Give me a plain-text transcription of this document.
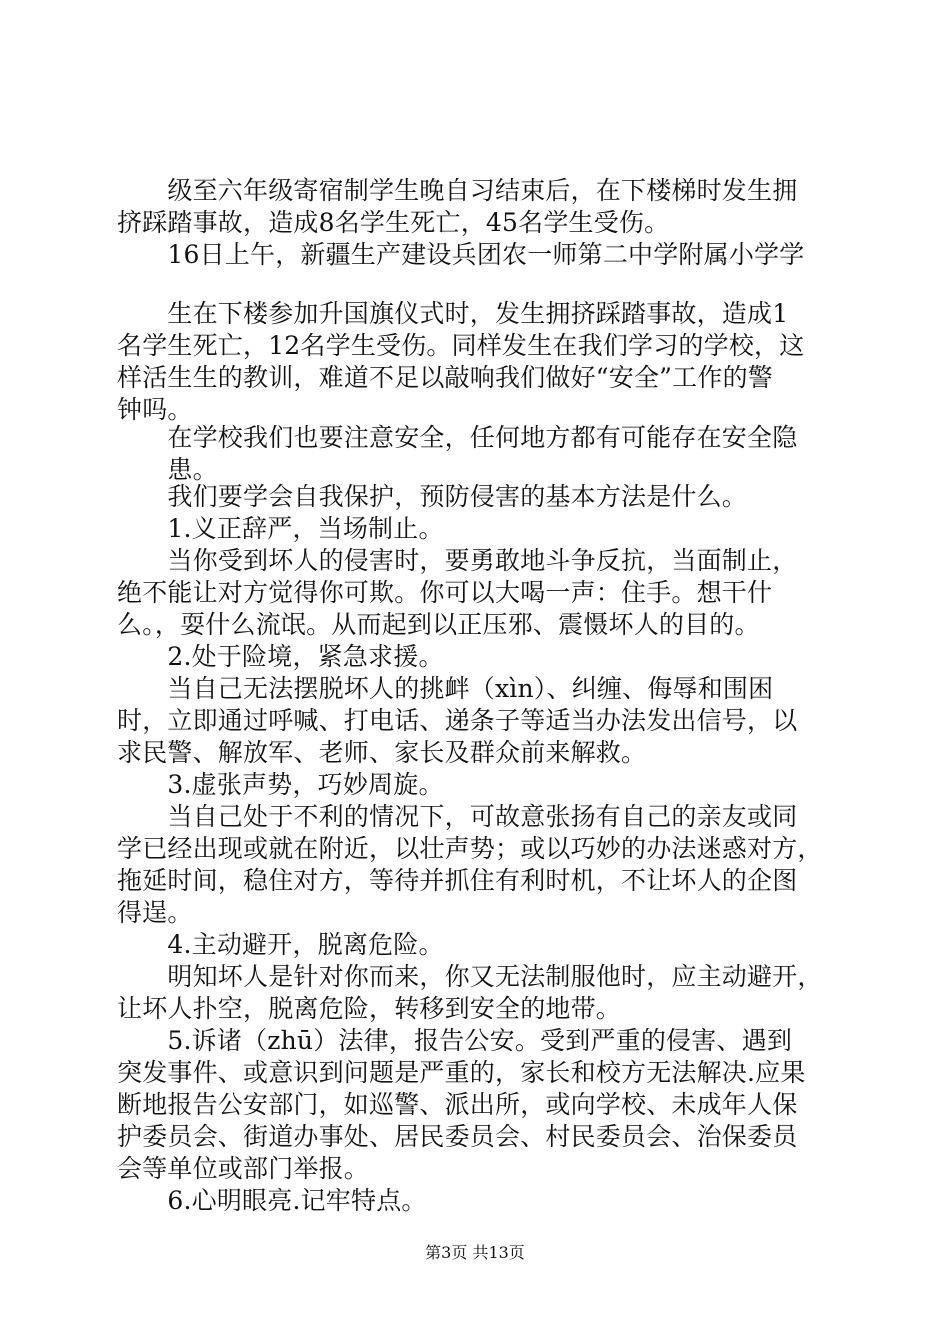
　　级至六年级寄宿制学生晚自习结束后，在下楼梯时发生拥
挤踩踏事故，造成8名学生死亡，45名学生受伤。
　　16日上午，新疆生产建设兵团农一师第二中学附属小学学
　　生在下楼参加升国旗仪式时，发生拥挤踩踏事故，造成1
名学生死亡，12名学生受伤。同样发生在我们学习的学校，这
样活生生的教训，难道不足以敲响我们做好“安全”工作的警
钟吗。
　　在学校我们也要注意安全，任何地方都有可能存在安全隐
　　患。
　　我们要学会自我保护，预防侵害的基本方法是什么。
　　1.义正辞严，当场制止。
　　当你受到坏人的侵害时，要勇敢地斗争反抗，当面制止，
绝不能让对方觉得你可欺。你可以大喝一声：住手。想干什
么。，耍什么流氓。从而起到以正压邪、震慑坏人的目的。
　　2.处于险境，紧急求援。
　　当自己无法摆脱坏人的挑衅（xìn）、纠缠、侮辱和围困
时，立即通过呼喊、打电话、递条子等适当办法发出信号，以
求民警、解放军、老师、家长及群众前来解救。
　　3.虚张声势，巧妙周旋。
　　当自己处于不利的情况下，可故意张扬有自己的亲友或同
学已经出现或就在附近，以壮声势；或以巧妙的办法迷惑对方，
拖延时间，稳住对方，等待并抓住有利时机，不让坏人的企图
得逞。
　　4.主动避开，脱离危险。
　　明知坏人是针对你而来，你又无法制服他时，应主动避开，
让坏人扑空，脱离危险，转移到安全的地带。
　　5.诉诸（zhū）法律，报告公安。受到严重的侵害、遇到
突发事件、或意识到问题是严重的，家长和校方无法解决.应果
断地报告公安部门，如巡警、派出所，或向学校、未成年人保
护委员会、街道办事处、居民委员会、村民委员会、治保委员
会等单位或部门举报。
　　6.心明眼亮.记牢特点。
第3页 共13页
